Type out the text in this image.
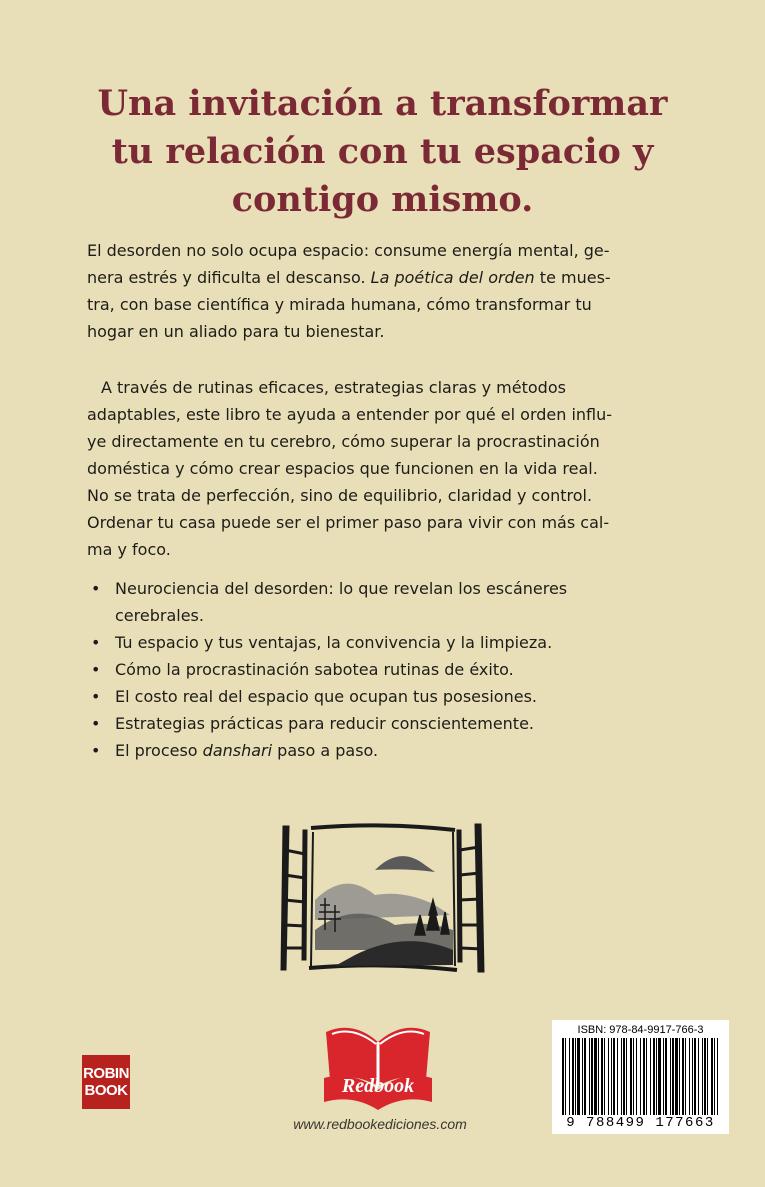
Una invitación a transformar
tu relación con tu espacio y
contigo mismo.

El desorden no solo ocupa espacio: consume energía mental, ge-
nera estrés y dificulta el descanso. La poética del orden te mues-
tra, con base científica y mirada humana, cómo transformar tu
hogar en un aliado para tu bienestar.

A través de rutinas eficaces, estrategias claras y métodos
adaptables, este libro te ayuda a entender por qué el orden influ-
ye directamente en tu cerebro, cómo superar la procrastinación
doméstica y cómo crear espacios que funcionen en la vida real.
No se trata de perfección, sino de equilibrio, claridad y control.
Ordenar tu casa puede ser el primer paso para vivir con más cal-
ma y foco.

• Neurociencia del desorden: lo que revelan los escáneres
cerebrales.
• Tu espacio y tus ventajas, la convivencia y la limpieza.
• Cómo la procrastinación sabotea rutinas de éxito.
• El costo real del espacio que ocupan tus posesiones.
• Estrategias prácticas para reducir conscientemente.
• El proceso danshari paso a paso.
ROBIN
BOOK	Redbook
www.redbookediciones.com
ISBN: 978-84-9917-766-3
9 788499 177663
